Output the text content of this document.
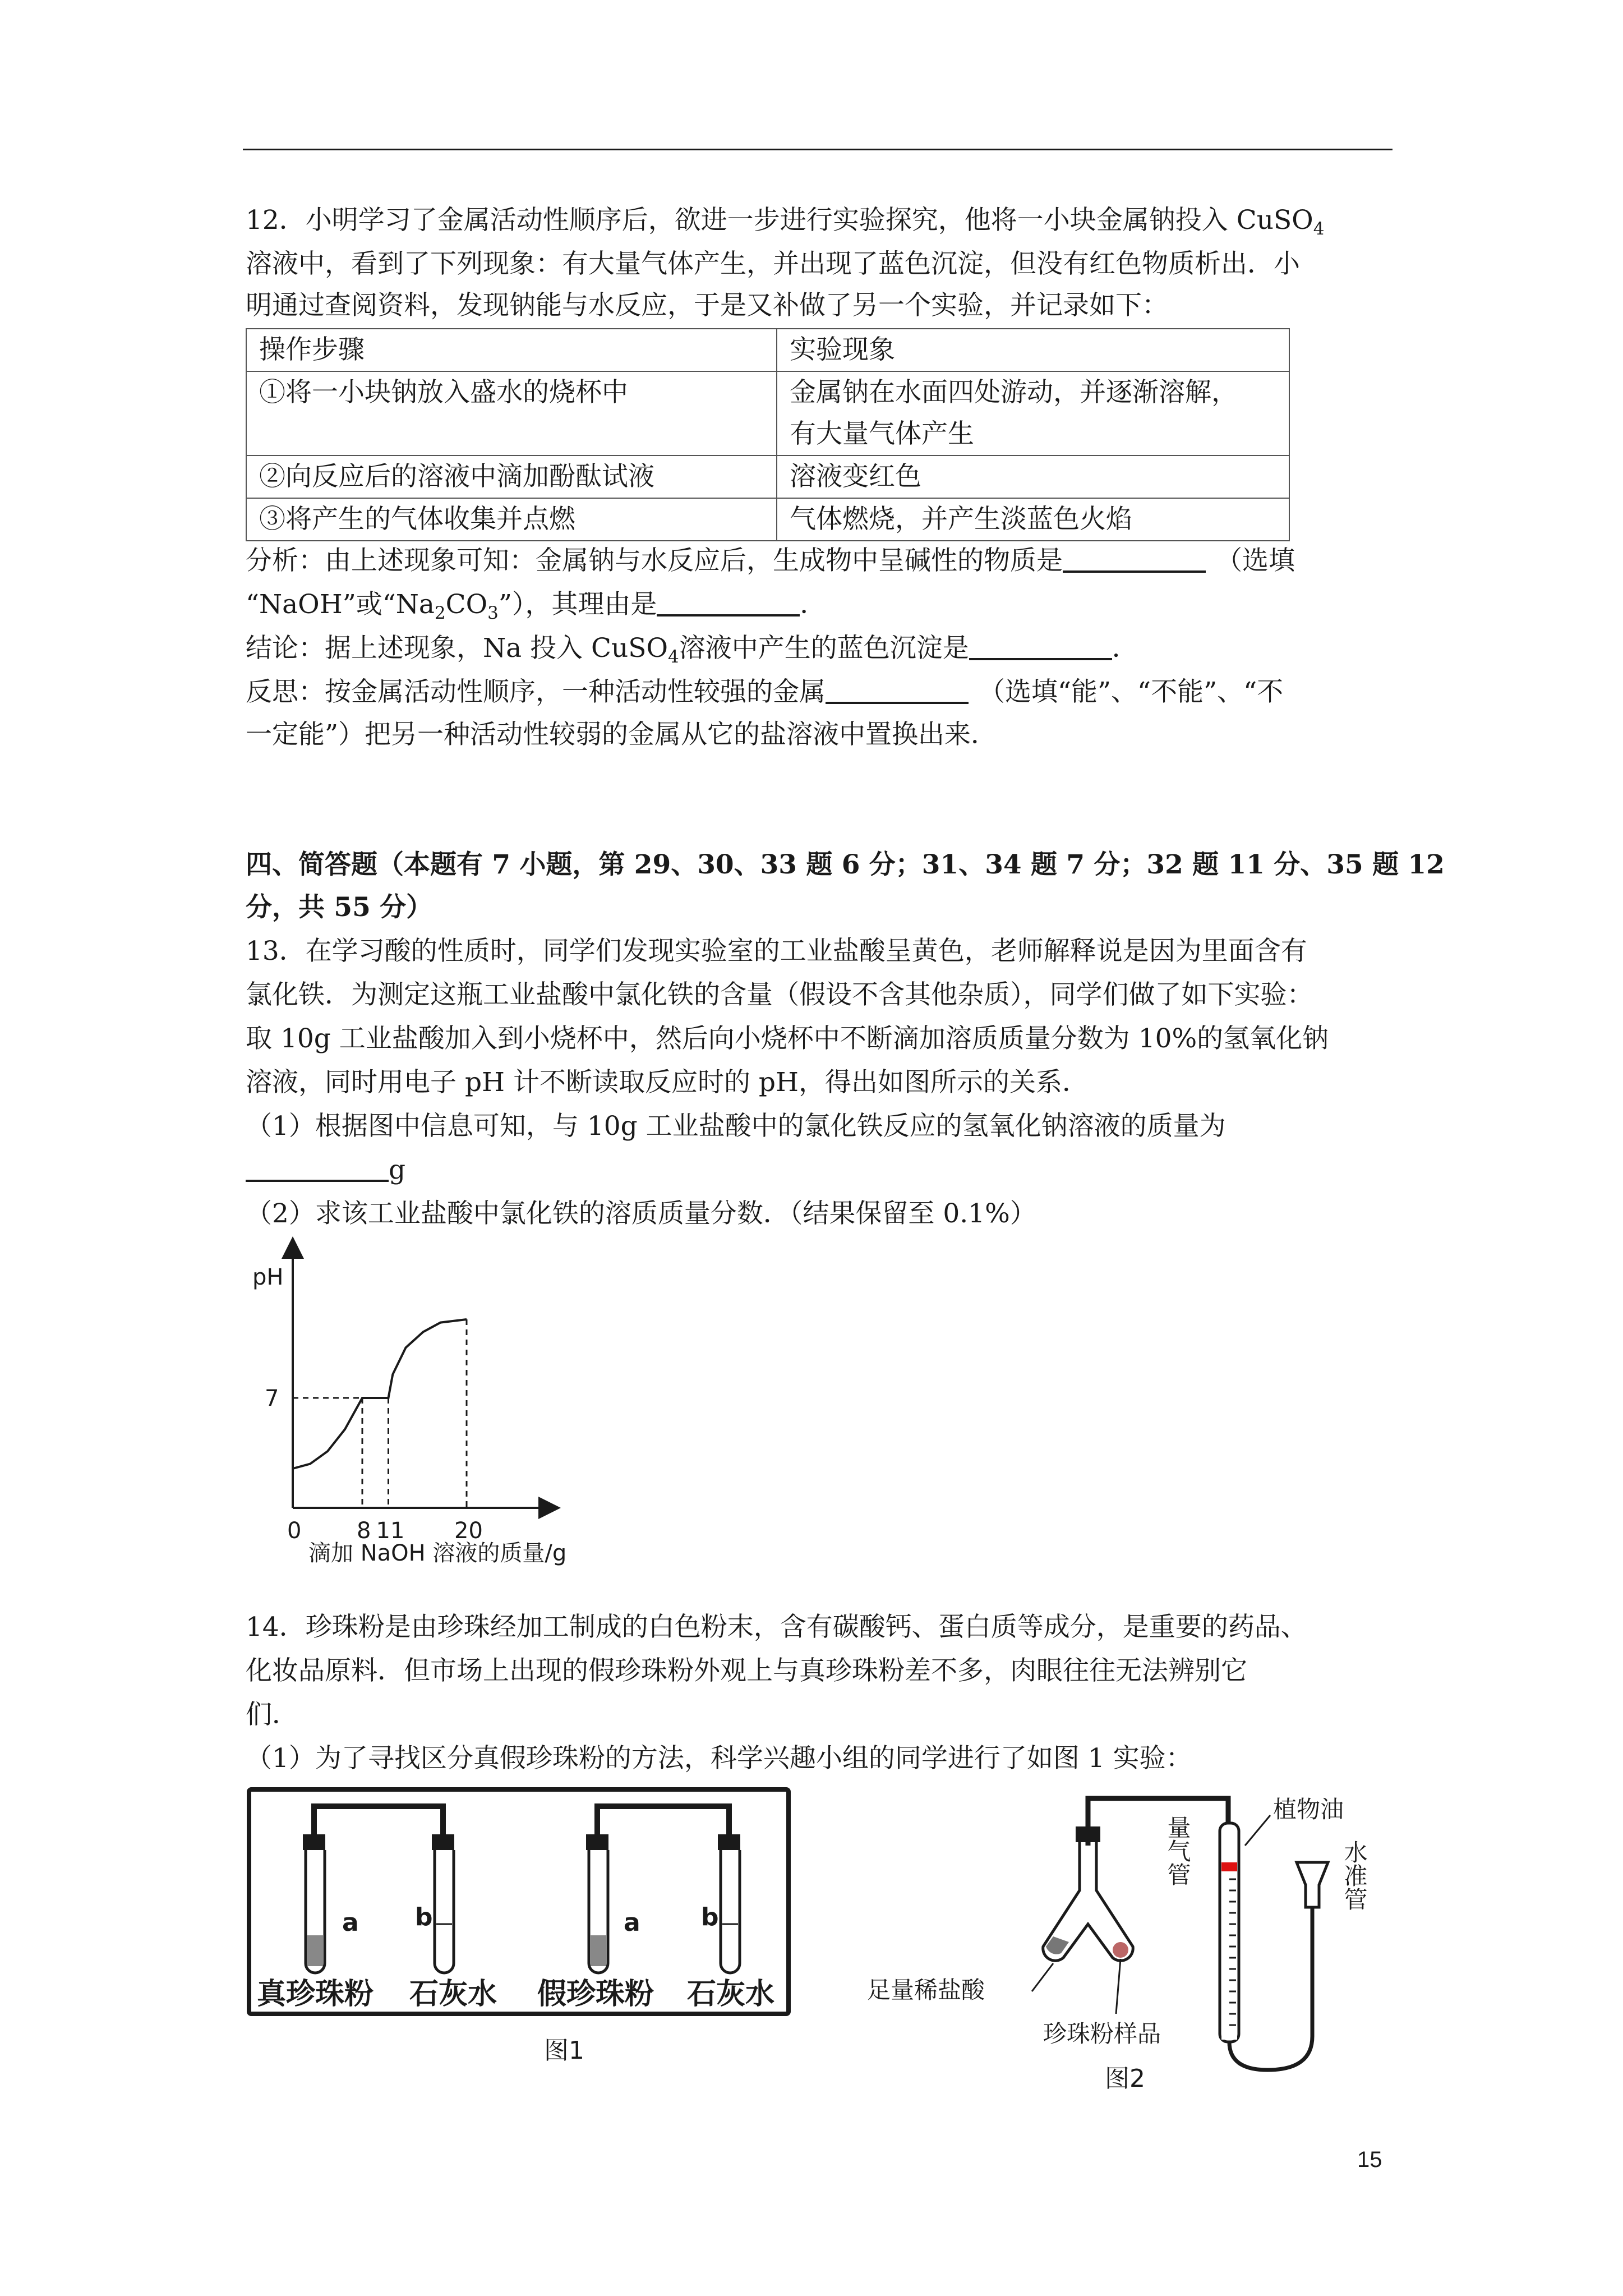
12．小明学习了金属活动性顺序后，欲进一步进行实验探究，他将一小块金属钠投入 CuSO$_4$
溶液中，看到了下列现象：有大量气体产生，并出现了蓝色沉淀，但没有红色物质析出．小
明通过查阅资料，发现钠能与水反应，于是又补做了另一个实验，并记录如下：
操作步骤	实验现象
①将一小块钠放入盛水的烧杯中	金属钠在水面四处游动，并逐渐溶解，
有大量气体产生

②向反应后的溶液中滴加酚酞试液	溶液变红色
③将产生的气体收集并点燃	气体燃烧，并产生淡蓝色火焰
分析：由上述现象可知：金属钠与水反应后，生成物中呈碱性的物质是	（选填
“NaOH”或“$Na_2CO_3$”），其理由是	．
结论：据上述现象，Na 投入 CuSO$_4$溶液中产生的蓝色沉淀是	．
反思：按金属活动性顺序，一种活动性较强的金属	（选填“能”、“不能”、“不
一定能”）把另一种活动性较弱的金属从它的盐溶液中置换出来．
四、简答题（本题有 7 小题，第 29、30、33 题 6 分；31、34 题 7 分；32 题 11 分、35 题 12
分，共 55 分）
13．在学习酸的性质时，同学们发现实验室的工业盐酸呈黄色，老师解释说是因为里面含有
氯化铁．为测定这瓶工业盐酸中氯化铁的含量（假设不含其他杂质），同学们做了如下实验：
取 10g 工业盐酸加入到小烧杯中，然后向小烧杯中不断滴加溶质质量分数为 10%的氢氧化钠
溶液，同时用电子 pH 计不断读取反应时的 pH，得出如图所示的关系．
（1）根据图中信息可知，与 10g 工业盐酸中的氯化铁反应的氢氧化钠溶液的质量为
g
（2）求该工业盐酸中氯化铁的溶质质量分数．（结果保留至 0.1%）
pH
0 8 11 20
7
滴加 NaOH 溶液的质量/g
14．珍珠粉是由珍珠经加工制成的白色粉末，含有碳酸钙、蛋白质等成分，是重要的药品、
化妆品原料．但市场上出现的假珍珠粉外观上与真珍珠粉差不多，肉眼往往无法辨别它
们．
（1）为了寻找区分真假珍珠粉的方法，科学兴趣小组的同学进行了如图 1 实验：
a b
真珍珠粉 石灰水
a b
假珍珠粉 石灰水
图1
植物油
量气管	水准管
足量稀盐酸
珍珠粉样品
图2
15
